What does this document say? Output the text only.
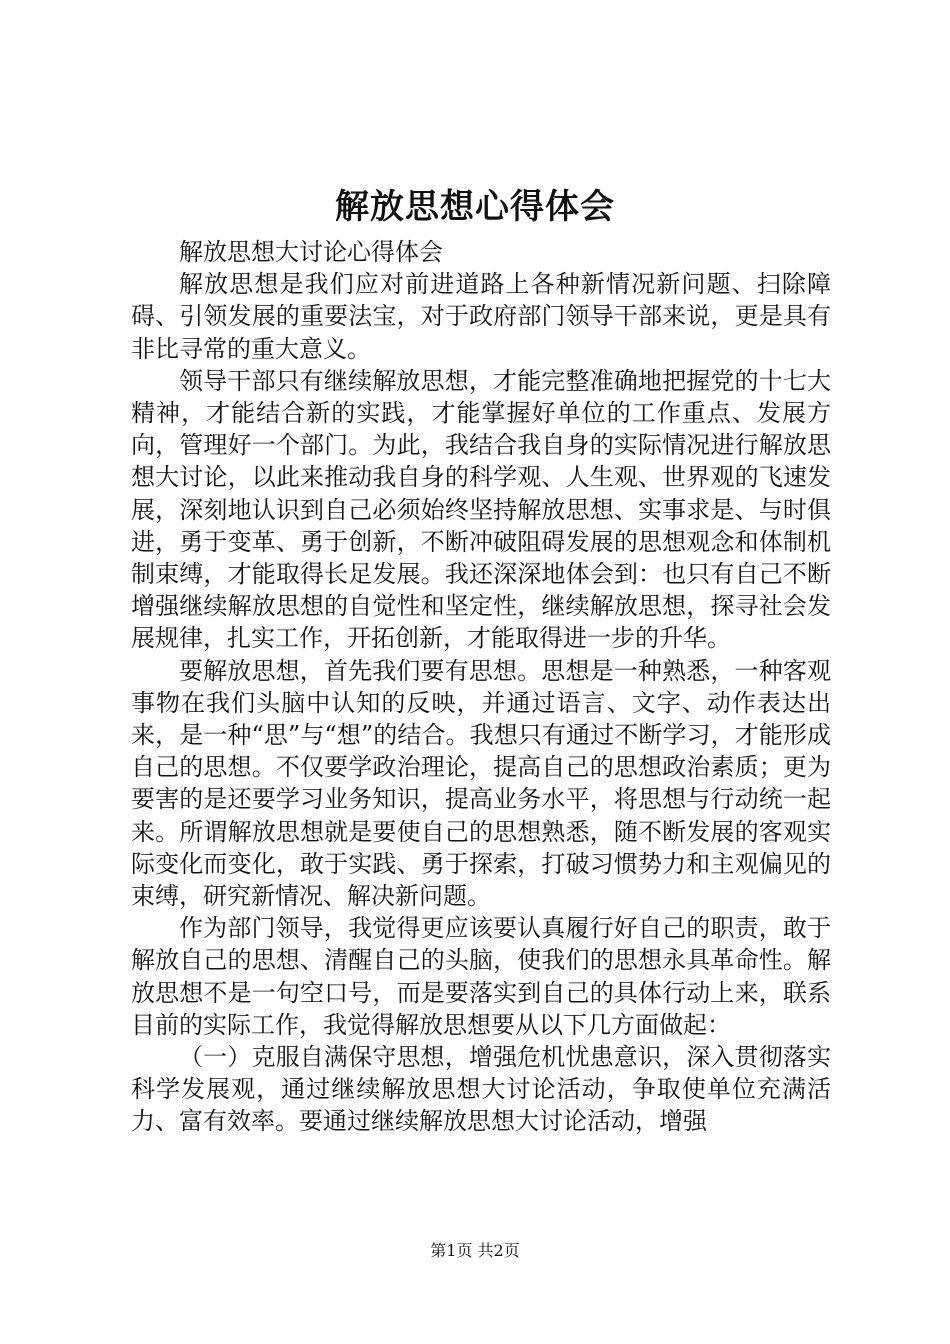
解放思想心得体会

解放思想大讨论心得体会

解放思想是我们应对前进道路上各种新情况新问题、扫除障碍、引领发展的重要法宝，对于政府部门领导干部来说，更是具有非比寻常的重大意义。

领导干部只有继续解放思想，才能完整准确地把握党的十七大精神，才能结合新的实践，才能掌握好单位的工作重点、发展方向，管理好一个部门。为此，我结合我自身的实际情况进行解放思想大讨论，以此来推动我自身的科学观、人生观、世界观的飞速发展，深刻地认识到自己必须始终坚持解放思想、实事求是、与时俱进，勇于变革、勇于创新，不断冲破阻碍发展的思想观念和体制机制束缚，才能取得长足发展。我还深深地体会到：也只有自己不断增强继续解放思想的自觉性和坚定性，继续解放思想，探寻社会发展规律，扎实工作，开拓创新，才能取得进一步的升华。

要解放思想，首先我们要有思想。思想是一种熟悉，一种客观事物在我们头脑中认知的反映，并通过语言、文字、动作表达出来，是一种“思”与“想”的结合。我想只有通过不断学习，才能形成自己的思想。不仅要学政治理论，提高自己的思想政治素质；更为要害的是还要学习业务知识，提高业务水平，将思想与行动统一起来。所谓解放思想就是要使自己的思想熟悉，随不断发展的客观实际变化而变化，敢于实践、勇于探索，打破习惯势力和主观偏见的束缚，研究新情况、解决新问题。

作为部门领导，我觉得更应该要认真履行好自己的职责，敢于解放自己的思想、清醒自己的头脑，使我们的思想永具革命性。解放思想不是一句空口号，而是要落实到自己的具体行动上来，联系目前的实际工作，我觉得解放思想要从以下几方面做起：

（一）克服自满保守思想，增强危机忧患意识，深入贯彻落实科学发展观，通过继续解放思想大讨论活动，争取使单位充满活力、富有效率。要通过继续解放思想大讨论活动，增强

第1页 共2页
